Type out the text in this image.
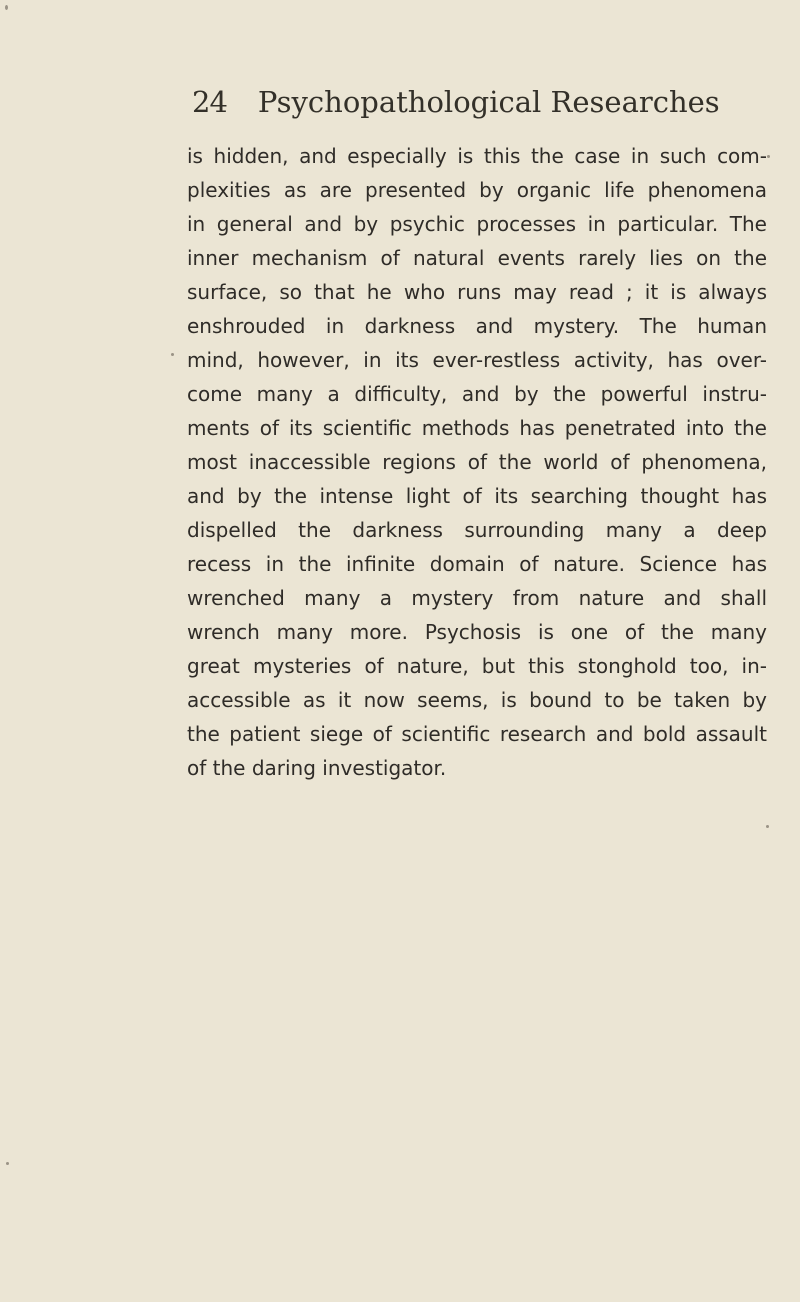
24 Psychopathological Researches
is hidden, and especially is this the case in such com-
plexities as are presented by organic life phenomena
in general and by psychic processes in particular. The
inner mechanism of natural events rarely lies on the
surface, so that he who runs may read ; it is always
enshrouded in darkness and mystery. The human
mind, however, in its ever-restless activity, has over-
come many a difficulty, and by the powerful instru-
ments of its scientific methods has penetrated into the
most inaccessible regions of the world of phenomena,
and by the intense light of its searching thought has
dispelled the darkness surrounding many a deep
recess in the infinite domain of nature. Science has
wrenched many a mystery from nature and shall
wrench many more. Psychosis is one of the many
great mysteries of nature, but this stonghold too, in-
accessible as it now seems, is bound to be taken by
the patient siege of scientific research and bold assault
of the daring investigator.
